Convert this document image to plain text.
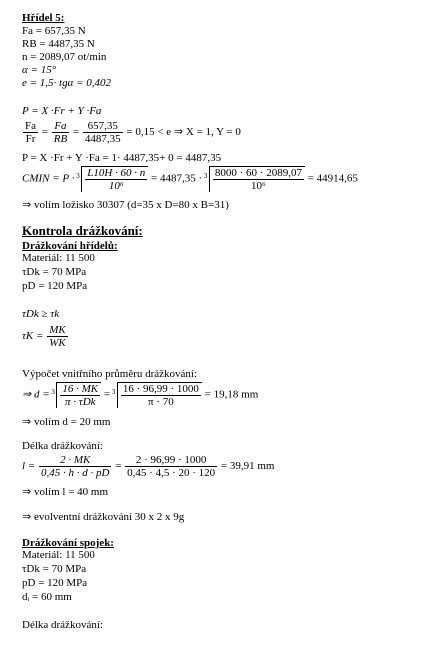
Hřídel 5:
Fa = 657,35 N
RB = 4487,35 N
n = 2089,07 ot/min
α = 15°
e = 1,5· tgα = 0,402
P = X ·Fr + Y ·Fa
$\frac{Fa}{Fr} = \frac{Fa}{RB} = \frac{657,35}{4487,35} = 0,15 < e$ ⇒ X = 1, Y = 0
P = X ·Fr + Y ·Fa = 1· 4487,35+ 0 = 4487,35
CMIN = $P \cdot 3 \frac{L10H \cdot 60 \cdot n}{\text{10⁶}} = 4487,35 \cdot 3 \frac{8000 \cdot 60 \cdot 2089,07}{\text{10⁶}} = 44914,65$
⇒ volím ložisko 30307 (d=35 x D=80 x B=31)
Kontrola drážkování:
Drážkování hřídelů:
Materiál: 11 500
τDk = 70 MPa
pD = 120 MPa
τDk ≥ τk
$\tau K = \frac{MK}{WK}$
Výpočet vnitřního průměru drážkování:
⇒ d = 3 16 · MK
π · τDk
= $3 \frac{16 \cdot 96,99 \cdot 1000}{\pi \cdot 70} = 19,18$ mm
⇒ volím d = 20 mm
Délka drážkování:
$l = \frac{2 \cdot MK}{0,45 \cdot h \cdot d \cdot pD} = \frac{2 \cdot 96,99 \cdot 1000}{0,45 \cdot 4,5 \cdot 20 \cdot 120} = 39,91$ mm
⇒ volím l = 40 mm
⇒ evolventní drážkování 30 x 2 x 9g
Drážkování spojek:
Materiál: 11 500
τDk = 70 MPa
pD = 120 MPa
dᵢ = 60 mm
Délka drážkování:
